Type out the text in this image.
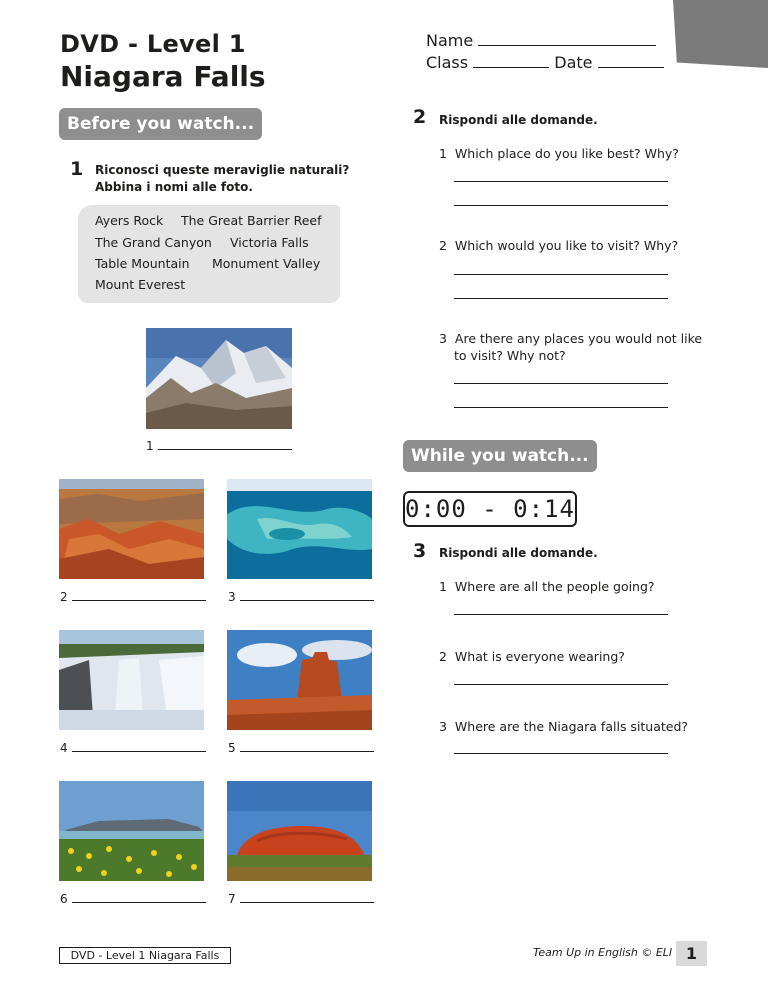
DVD - Level 1
Niagara Falls
Name
Class	Date
Before you watch...
1 Riconosci queste meraviglie naturali?
Abbina i nomi alle foto.
Ayers Rock The Great Barrier Reef
The Grand Canyon Victoria Falls
Table Mountain Monument Valley
Mount Everest
1
2	3
4	5
6	7
2 Rispondi alle domande.
1 Which place do you like best? Why?
2 Which would you like to visit? Why?
3 Are there any places you would not like
to visit? Why not?
While you watch...
0:00 - 0:14
3 Rispondi alle domande.
1 Where are all the people going?
2 What is everyone wearing?
3 Where are the Niagara falls situated?
DVD - Level 1 Niagara Falls	Team Up in English © ELI 1
